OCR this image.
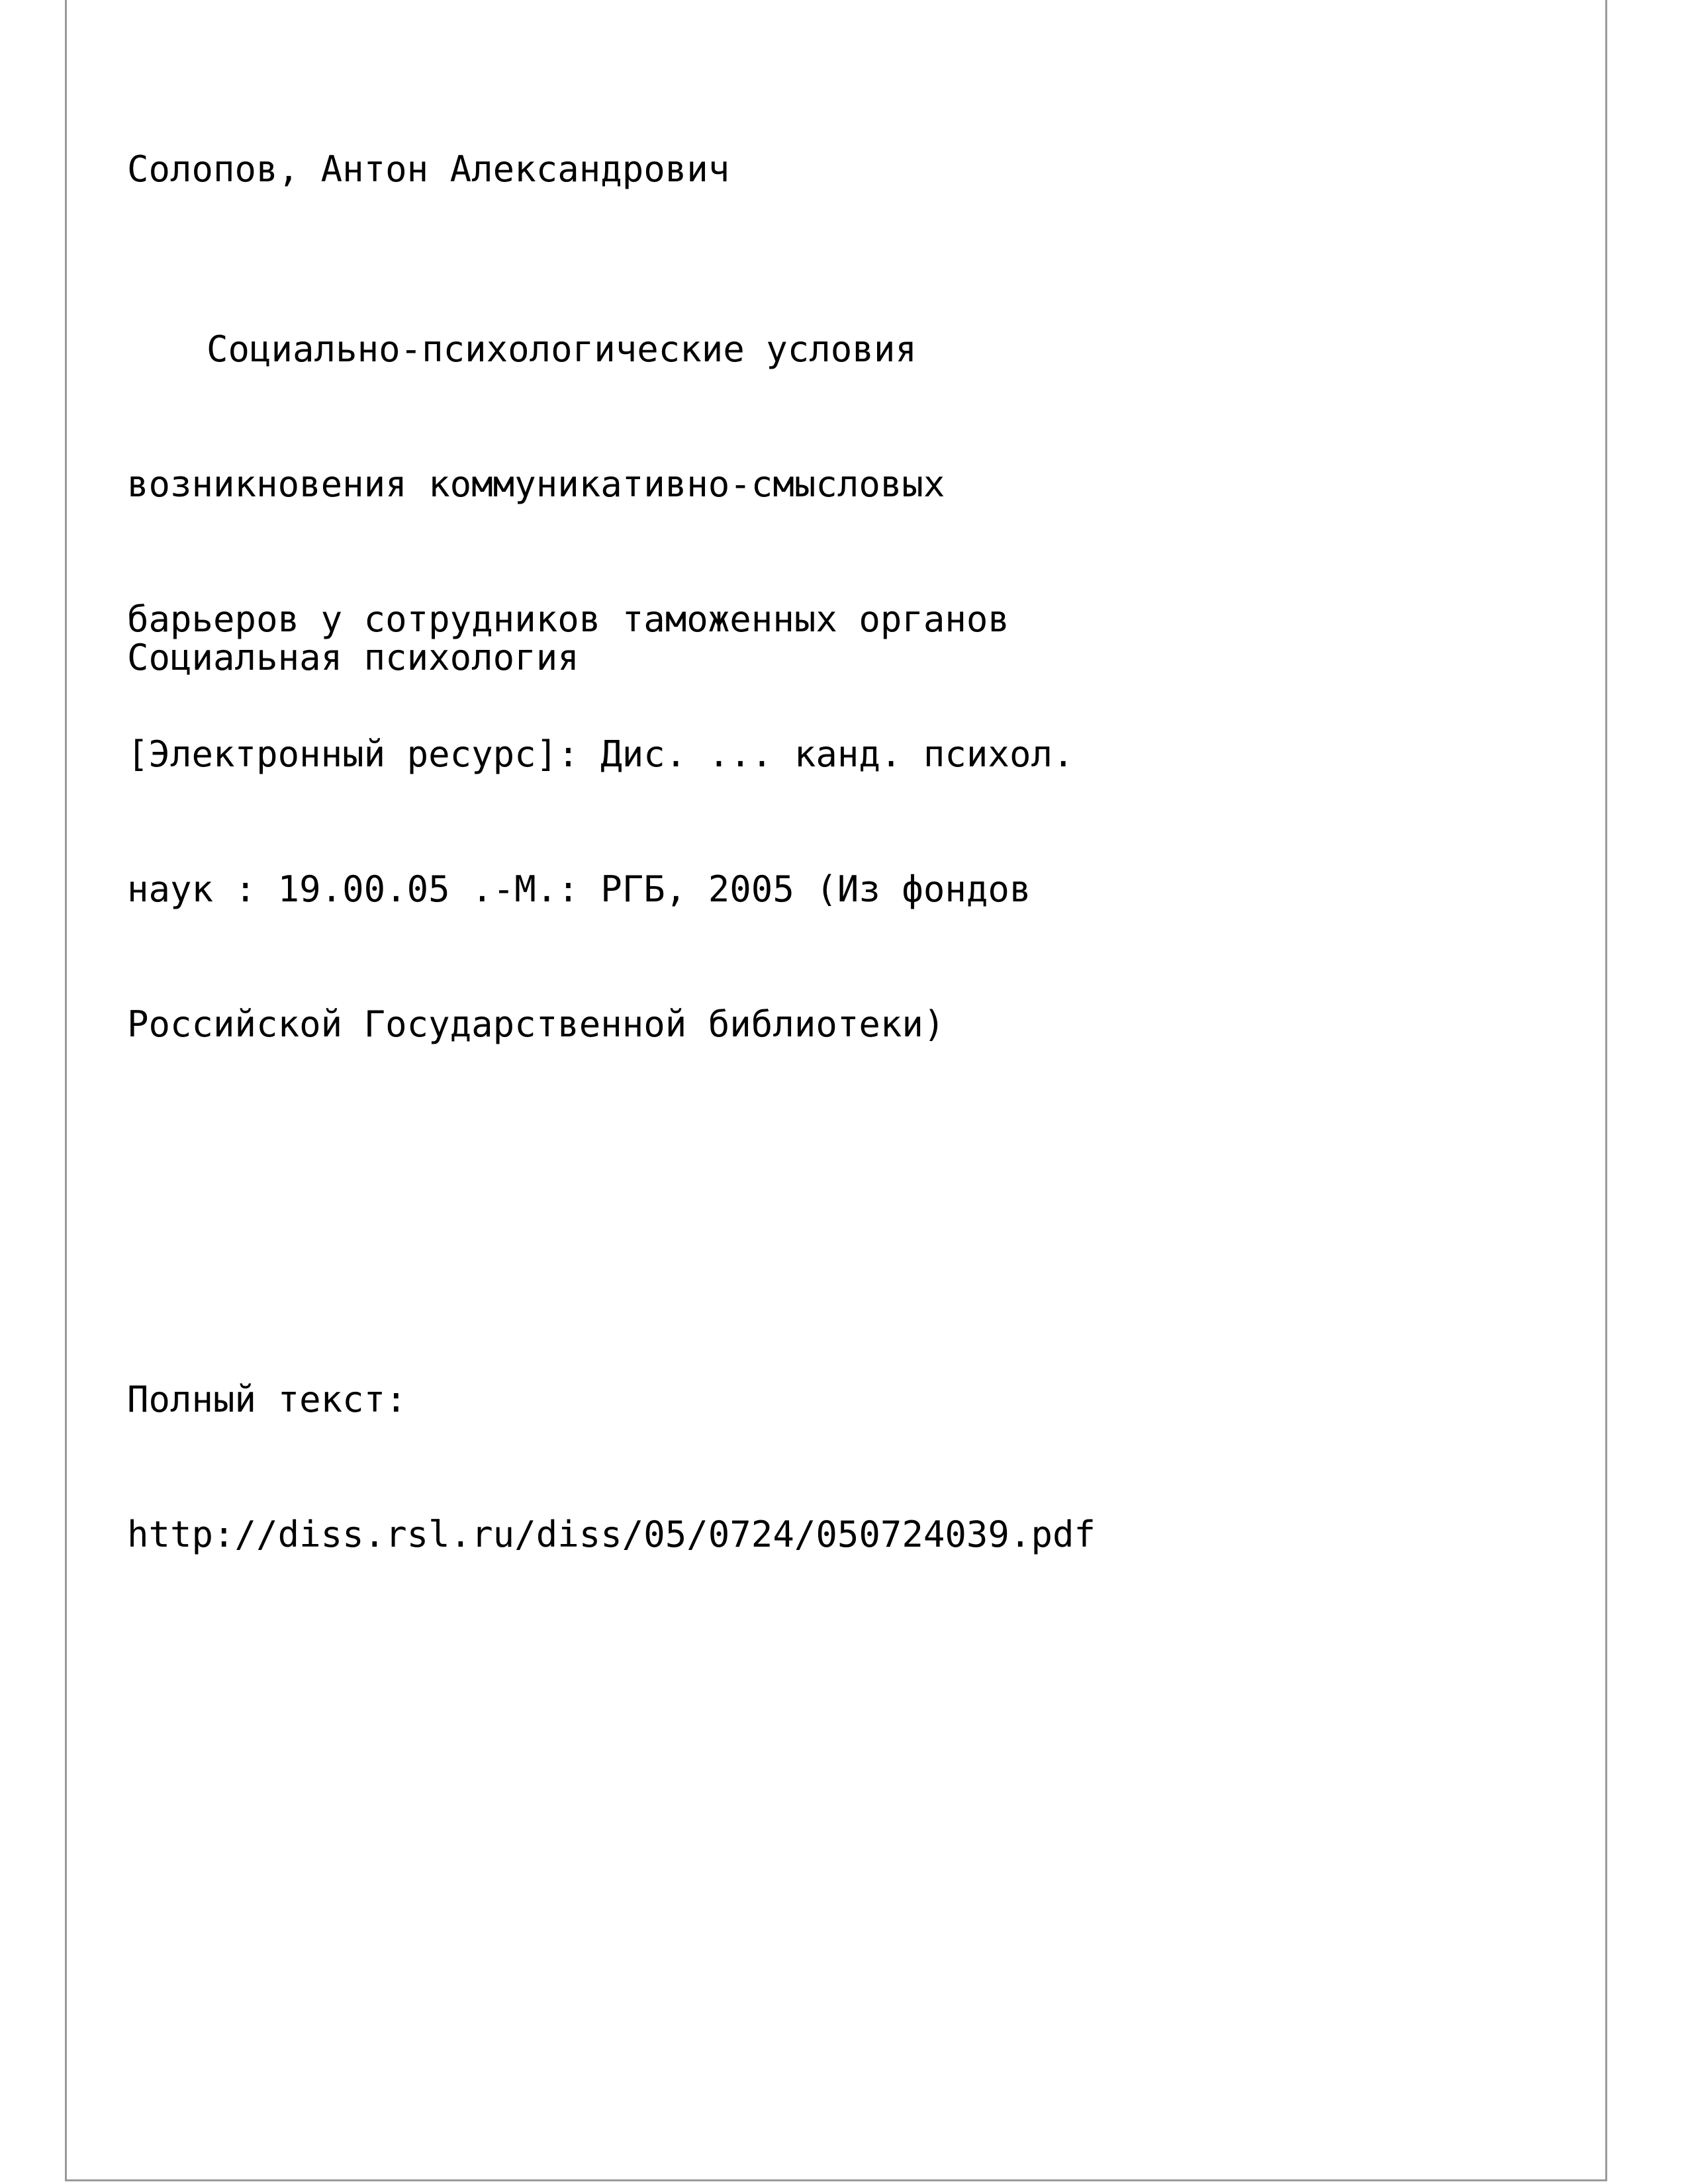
Солопов, Антон Александрович

Социально-психологические условия

возникновения коммуникативно-смысловых

барьеров у сотрудников таможенных органов

[Электронный ресурс]: Дис. ... канд. психол.

наук : 19.00.05 .-М.: РГБ, 2005 (Из фондов

Российской Государственной библиотеки)

Социальная психология

Полный текст:

http://diss.rsl.ru/diss/05/0724/050724039.pdf
